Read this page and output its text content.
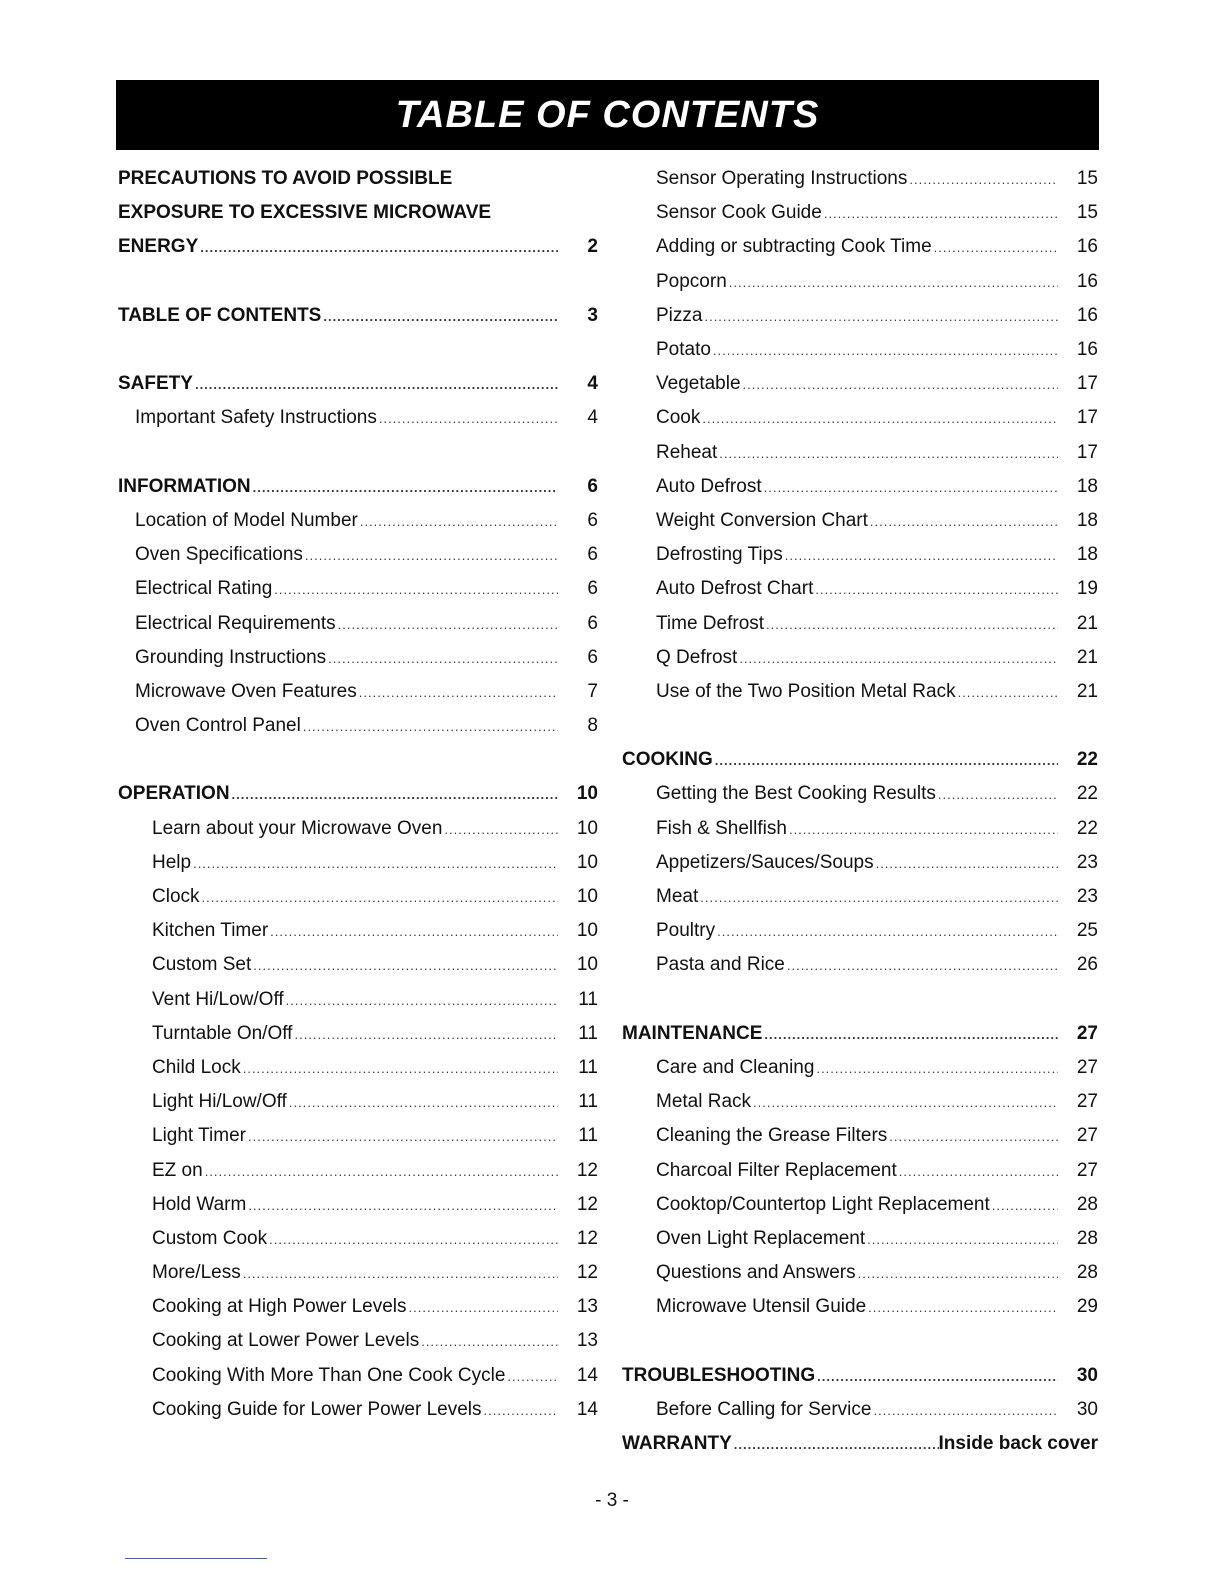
TABLE OF CONTENTS
PRECAUTIONS TO AVOID POSSIBLE
EXPOSURE TO EXCESSIVE MICROWAVE
ENERGY .....	2
TABLE OF CONTENTS .....	3
SAFETY .....	4
Important Safety Instructions .....	4
INFORMATION .....	6
Location of Model Number .....	6
Oven Specifications .....	6
Electrical Rating .....	6
Electrical Requirements .....	6
Grounding Instructions .....	6
Microwave Oven Features .....	7
Oven Control Panel .....	8
OPERATION .....	10
Learn about your Microwave Oven .....	10
Help .....	10
Clock .....	10
Kitchen Timer .....	10
Custom Set .....	10
Vent Hi/Low/Off .....	11
Turntable On/Off .....	11
Child Lock .....	11
Light Hi/Low/Off .....	11
Light Timer .....	11
EZ on .....	12
Hold Warm .....	12
Custom Cook .....	12
More/Less .....	12
Cooking at High Power Levels .....	13
Cooking at Lower Power Levels .....	13
Cooking With More Than One Cook Cycle .....	14
Cooking Guide for Lower Power Levels .....	14
Sensor Operating Instructions .....	15
Sensor Cook Guide .....	15
Adding or subtracting Cook Time .....	16
Popcorn .....	16
Pizza .....	16
Potato .....	16
Vegetable .....	17
Cook .....	17
Reheat .....	17
Auto Defrost .....	18
Weight Conversion Chart .....	18
Defrosting Tips .....	18
Auto Defrost Chart .....	19
Time Defrost .....	21
Q Defrost .....	21
Use of the Two Position Metal Rack .....	21
COOKING .....	22
Getting the Best Cooking Results .....	22
Fish & Shellfish .....	22
Appetizers/Sauces/Soups .....	23
Meat .....	23
Poultry .....	25
Pasta and Rice .....	26
MAINTENANCE .....	27
Care and Cleaning .....	27
Metal Rack .....	27
Cleaning the Grease Filters .....	27
Charcoal Filter Replacement .....	27
Cooktop/Countertop Light Replacement .....	28
Oven Light Replacement .....	28
Questions and Answers .....	28
Microwave Utensil Guide .....	29
TROUBLESHOOTING .....	30
Before Calling for Service .....	30
WARRANTY .....	Inside back cover
- 3 -
